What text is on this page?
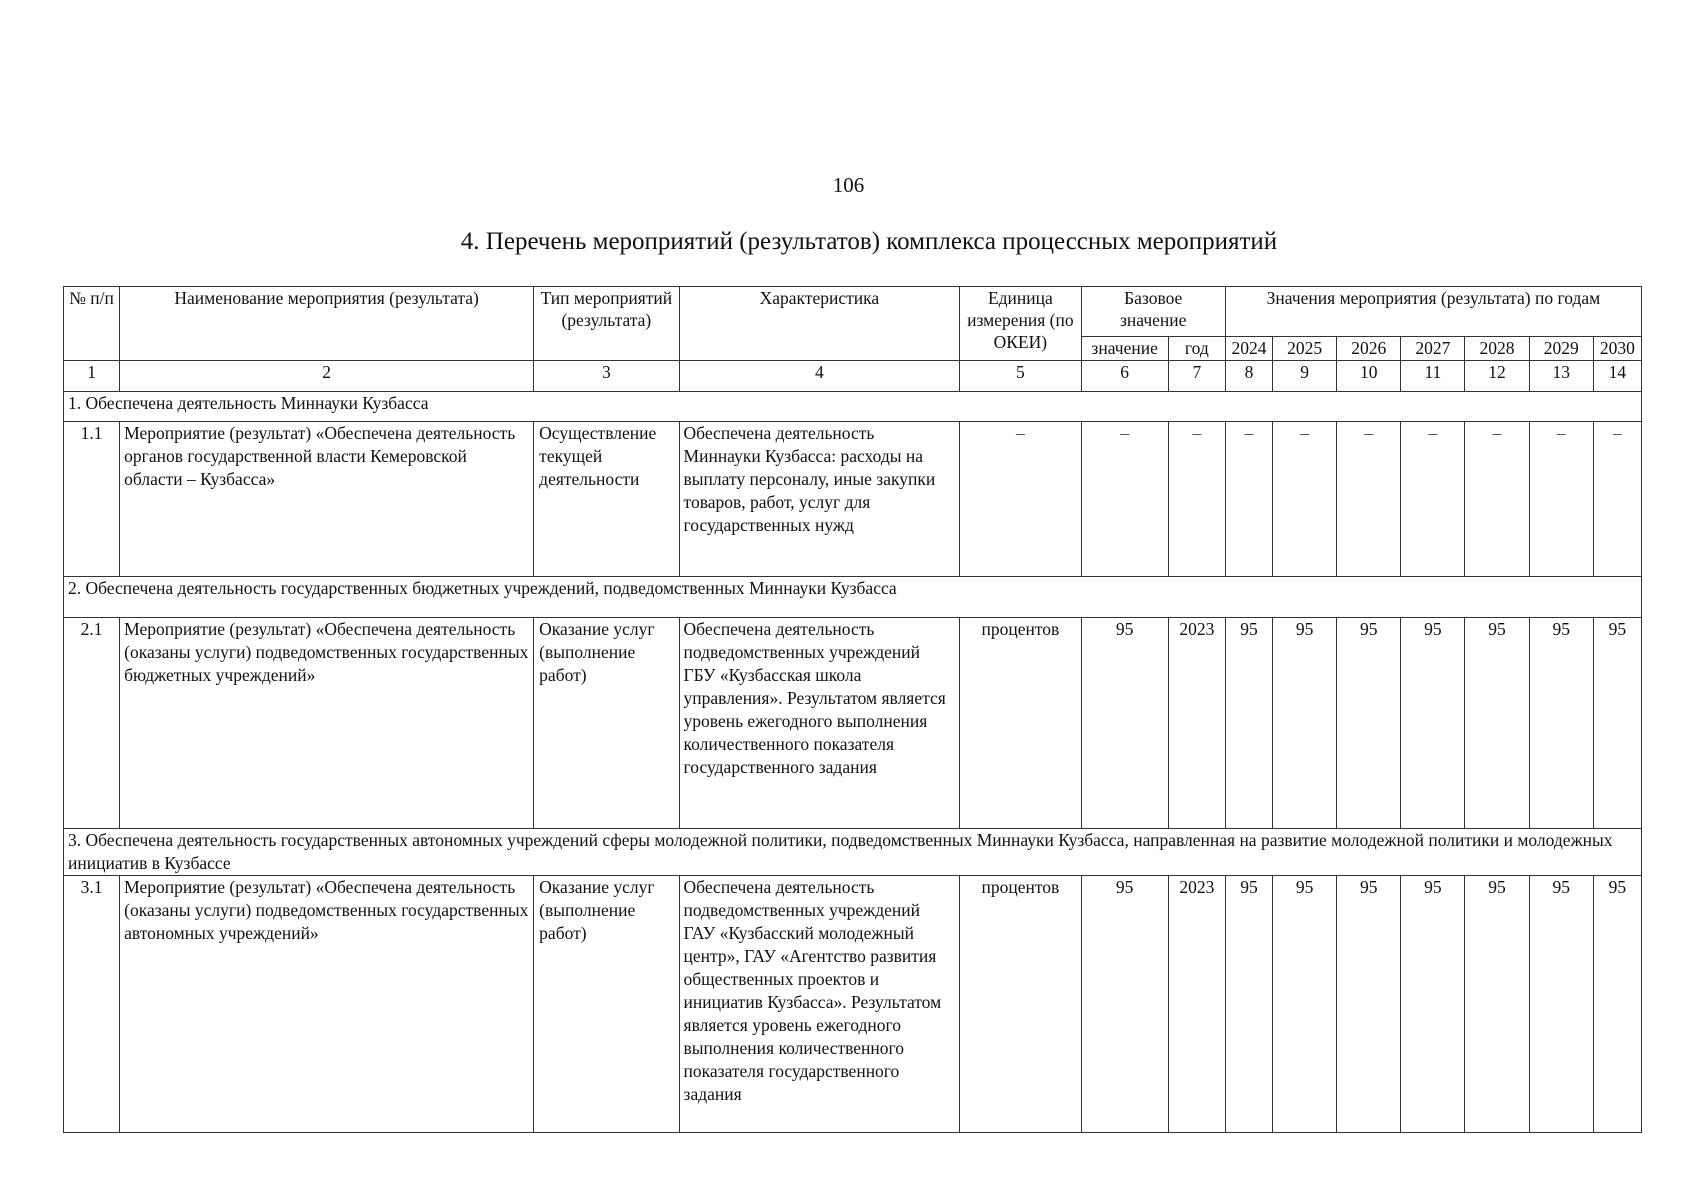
106
4. Перечень мероприятий (результатов) комплекса процессных мероприятий
№ п/п	Наименование мероприятия (результата)	Тип мероприятий (результата)	Характеристика	Единица измерения (по ОКЕИ)	Базовое значение		Значения мероприятия (результата) по годам						
					значение	год	2024	2025	2026	2027	2028	2029	2030
1	2	3	4	5	6	7	8	9	10	11	12	13	14
1. Обеспечена деятельность Миннауки Кузбасса													
1.1	Мероприятие (результат) «Обеспечена деятельность органов государственной власти Кемеровской области – Кузбасса»	Осуществление текущей деятельности	Обеспечена деятельность Миннауки Кузбасса: расходы на выплату персоналу, иные закупки товаров, работ, услуг для государственных нужд	–	–	–	–	–	–	–	–	–	–
2. Обеспечена деятельность государственных бюджетных учреждений, подведомственных Миннауки Кузбасса													
2.1	Мероприятие (результат) «Обеспечена деятельность (оказаны услуги) подведомственных государственных бюджетных учреждений»	Оказание услуг (выполнение работ)	Обеспечена деятельность подведомственных учреждений ГБУ «Кузбасская школа управления». Результатом является уровень ежегодного выполнения количественного показателя государственного задания	процентов	95	2023	95	95	95	95	95	95	95
3. Обеспечена деятельность государственных автономных учреждений сферы молодежной политики, подведомственных Миннауки Кузбасса, направленная на развитие молодежной политики и молодежных инициатив в Кузбассе													
3.1	Мероприятие (результат) «Обеспечена деятельность (оказаны услуги) подведомственных государственных автономных учреждений»	Оказание услуг (выполнение работ)	Обеспечена деятельность подведомственных учреждений ГАУ «Кузбасский молодежный центр», ГАУ «Агентство развития общественных проектов и инициатив Кузбасса». Результатом является уровень ежегодного выполнения количественного показателя государственного задания	процентов	95	2023	95	95	95	95	95	95	95
